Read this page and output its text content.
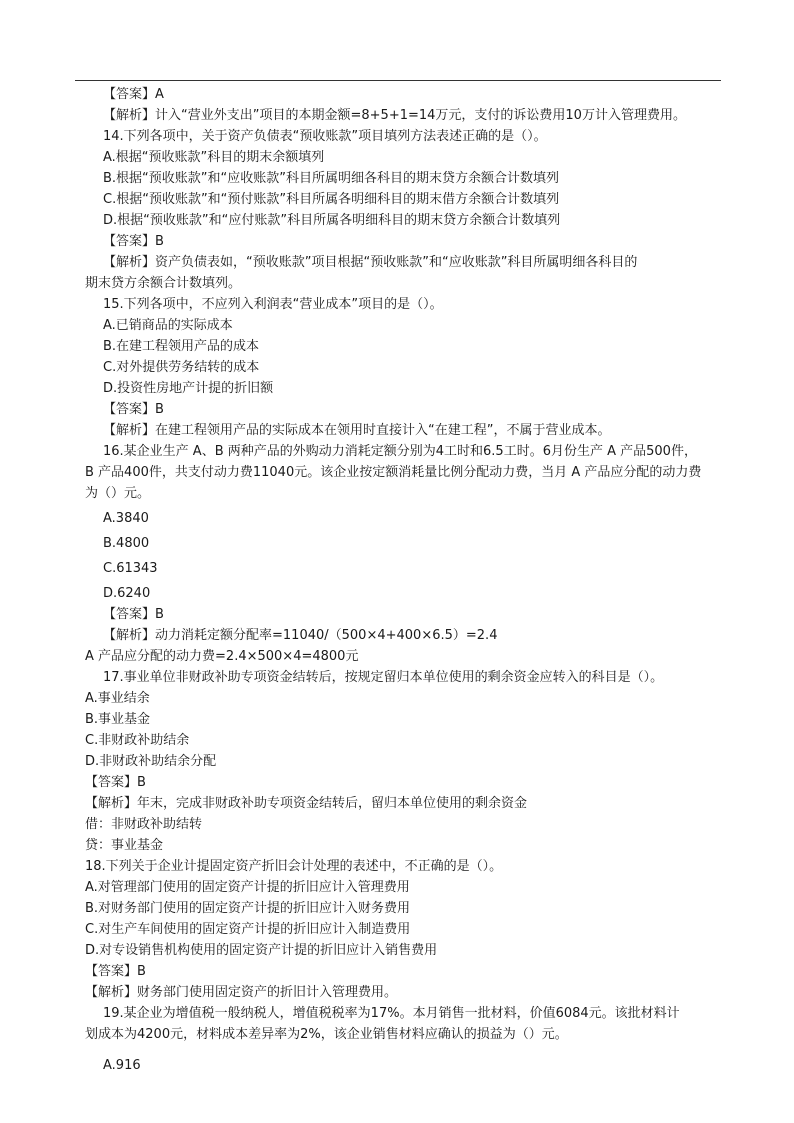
【答案】A
【解析】计入“营业外支出”项目的本期金额=8+5+1=14万元，支付的诉讼费用10万计入管理费用。
14.下列各项中，关于资产负债表“预收账款”项目填列方法表述正确的是（）。
A.根据“预收账款”科目的期末余额填列
B.根据“预收账款”和“应收账款”科目所属明细各科目的期末贷方余额合计数填列
C.根据“预收账款”和“预付账款”科目所属各明细科目的期末借方余额合计数填列
D.根据“预收账款”和“应付账款”科目所属各明细科目的期末贷方余额合计数填列
【答案】B
【解析】资产负债表如，“预收账款”项目根据“预收账款”和“应收账款”科目所属明细各科目的
期末贷方余额合计数填列。
15.下列各项中，不应列入利润表“营业成本”项目的是（）。
A.已销商品的实际成本
B.在建工程领用产品的成本
C.对外提供劳务结转的成本
D.投资性房地产计提的折旧额
【答案】B
【解析】在建工程领用产品的实际成本在领用时直接计入“在建工程”，不属于营业成本。
16.某企业生产 A、B 两种产品的外购动力消耗定额分别为4工时和6.5工时。6月份生产 A 产品500件，
B 产品400件，共支付动力费11040元。该企业按定额消耗量比例分配动力费，当月 A 产品应分配的动力费
为（）元。
A.3840
B.4800
C.61343
D.6240
【答案】B
【解析】动力消耗定额分配率=11040/（500×4+400×6.5）=2.4
A 产品应分配的动力费=2.4×500×4=4800元
17.事业单位非财政补助专项资金结转后，按规定留归本单位使用的剩余资金应转入的科目是（）。
A.事业结余
B.事业基金
C.非财政补助结余
D.非财政补助结余分配
【答案】B
【解析】年末，完成非财政补助专项资金结转后，留归本单位使用的剩余资金
借：非财政补助结转
贷：事业基金
18.下列关于企业计提固定资产折旧会计处理的表述中，不正确的是（）。
A.对管理部门使用的固定资产计提的折旧应计入管理费用
B.对财务部门使用的固定资产计提的折旧应计入财务费用
C.对生产车间使用的固定资产计提的折旧应计入制造费用
D.对专设销售机构使用的固定资产计提的折旧应计入销售费用
【答案】B
【解析】财务部门使用固定资产的折旧计入管理费用。
19.某企业为增值税一般纳税人，增值税税率为17%。本月销售一批材料，价值6084元。该批材料计
划成本为4200元，材料成本差异率为2%，该企业销售材料应确认的损益为（）元。
A.916
